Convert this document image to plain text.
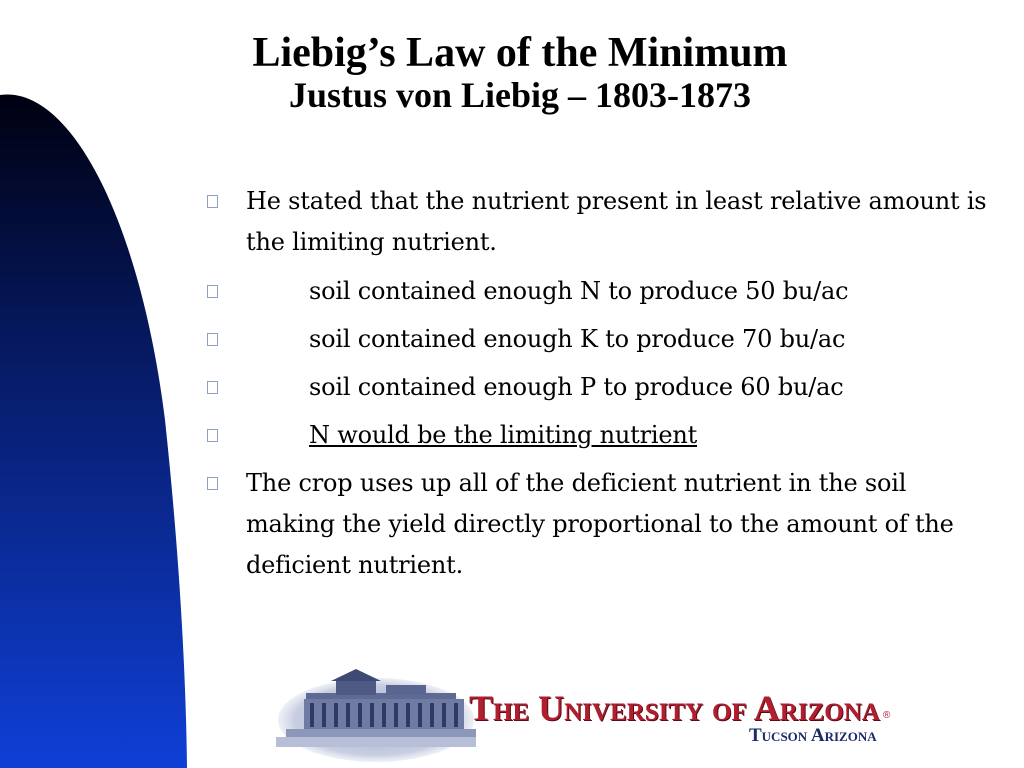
Liebig’s Law of the Minimum
Justus von Liebig – 1803-1873
He stated that the nutrient present in least relative amount is the limiting nutrient.
soil contained enough N to produce 50 bu/ac
soil contained enough K to produce 70 bu/ac
soil contained enough P to produce 60 bu/ac
N would be the limiting nutrient
The crop uses up all of the deficient nutrient in the soil making the yield directly proportional to the amount of the deficient nutrient.
The University of Arizona ®
Tucson Arizona
